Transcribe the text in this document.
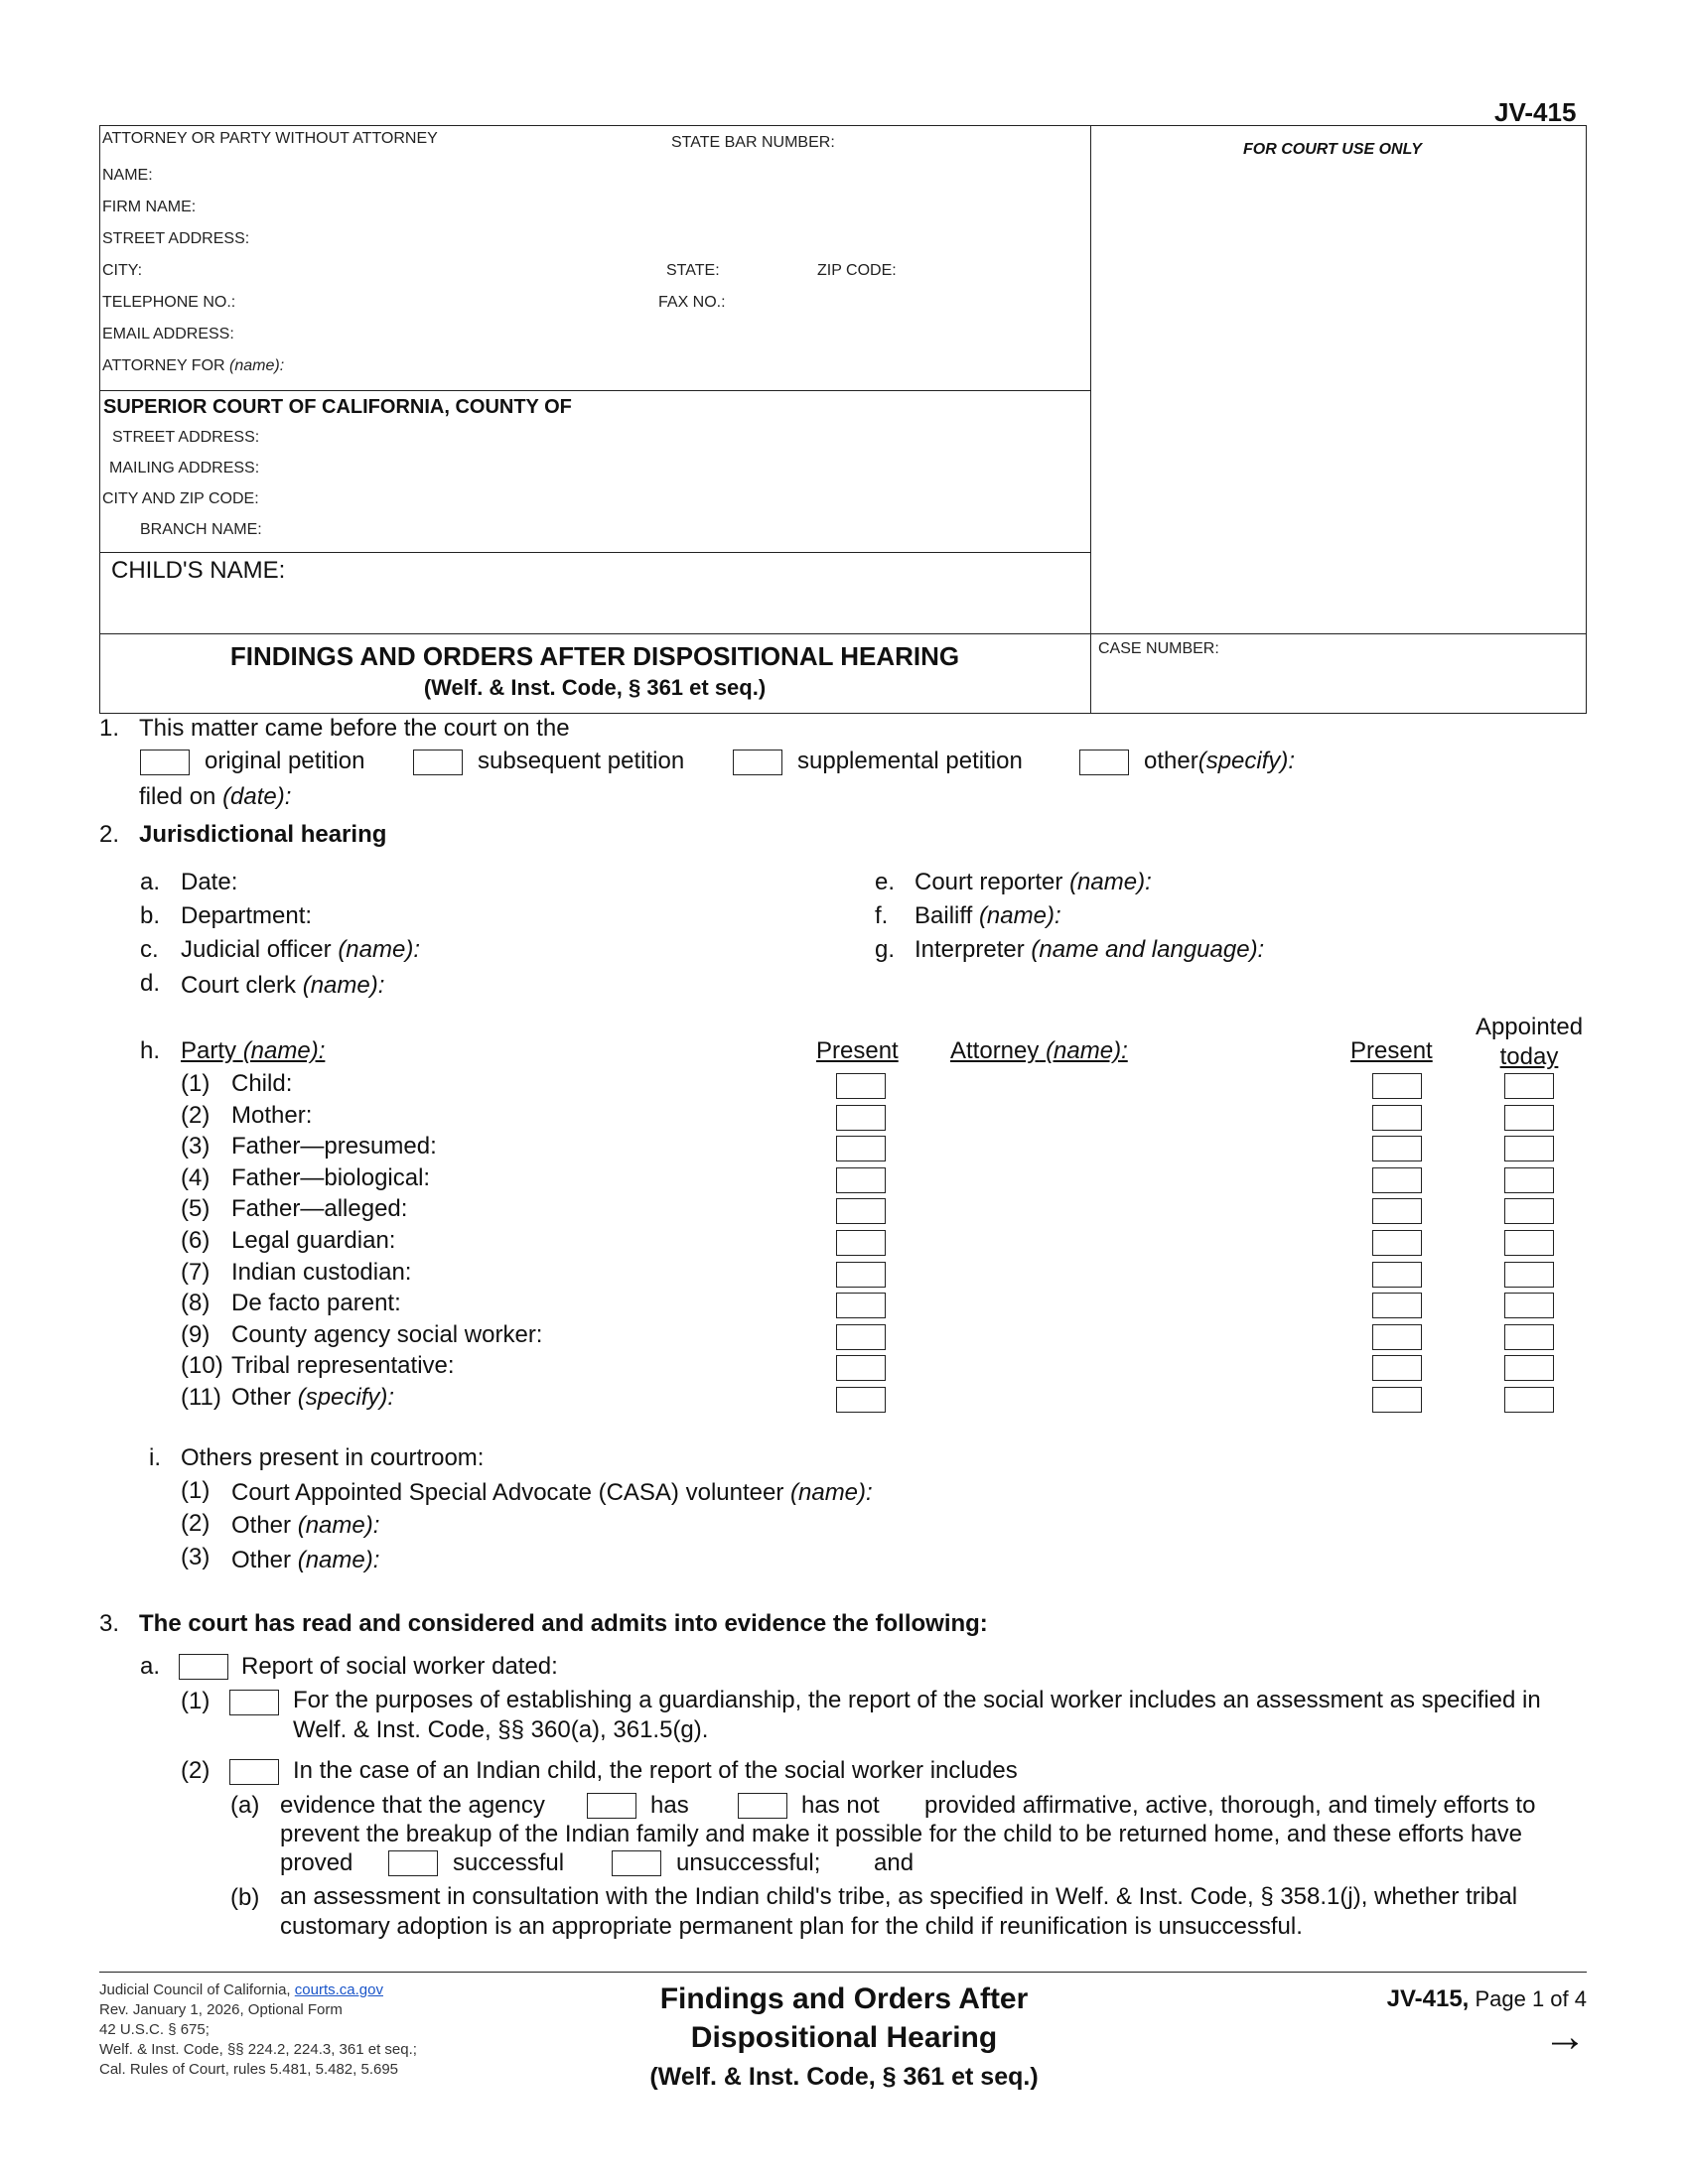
JV-415
ATTORNEY OR PARTY WITHOUT ATTORNEY	STATE BAR NUMBER:
NAME:
FIRM NAME:
STREET ADDRESS:
CITY:	STATE:	ZIP CODE:
TELEPHONE NO.:	FAX NO.:
EMAIL ADDRESS:
ATTORNEY FOR (name):
FOR COURT USE ONLY
SUPERIOR COURT OF CALIFORNIA, COUNTY OF
STREET ADDRESS:
MAILING ADDRESS:
CITY AND ZIP CODE:
BRANCH NAME:
CHILD'S NAME:
FINDINGS AND ORDERS AFTER DISPOSITIONAL HEARING
(Welf. & Inst. Code, § 361 et seq.)
CASE NUMBER:
1. This matter came before the court on the
original petition	subsequent petition	supplemental petition	other(specify):
filed on (date):
2. Jurisdictional hearing
a. Date:
b. Department:
c. Judicial officer (name):
d. Court clerk (name):
e. Court reporter (name):
f. Bailiff (name):
g. Interpreter (name and language):
h. Party (name):	Present Attorney (name):	Present
Appointed
today
(1) Child:
(2) Mother:
(3) Father—presumed:
(4) Father—biological:
(5) Father—alleged:
(6) Legal guardian:
(7) Indian custodian:
(8) De facto parent:
(9) County agency social worker:
(10) Tribal representative:
(11) Other (specify):
i. Others present in courtroom:
(1) Court Appointed Special Advocate (CASA) volunteer (name):
(2) Other (name):
(3) Other (name):
3. The court has read and considered and admits into evidence the following:
a.	Report of social worker dated:
(1)	For the purposes of establishing a guardianship, the report of the social worker includes an assessment as specified in Welf. & Inst. Code, §§ 360(a), 361.5(g).
(2)	In the case of an Indian child, the report of the social worker includes
(a) evidence that the agency	has	has not provided affirmative, active, thorough, and timely efforts to
prevent the breakup of the Indian family and make it possible for the child to be returned home, and these efforts have
proved	successful	unsuccessful; and
(b) an assessment in consultation with the Indian child's tribe, as specified in Welf. & Inst. Code, § 358.1(j), whether tribal customary adoption is an appropriate permanent plan for the child if reunification is unsuccessful.
Judicial Council of California, courts.ca.gov
Rev. January 1, 2026, Optional Form
42 U.S.C. § 675;
Welf. & Inst. Code, §§ 224.2, 224.3, 361 et seq.;
Cal. Rules of Court, rules 5.481, 5.482, 5.695
Findings and Orders After
Dispositional Hearing
(Welf. & Inst. Code, § 361 et seq.)
JV-415, Page 1 of 4
→
